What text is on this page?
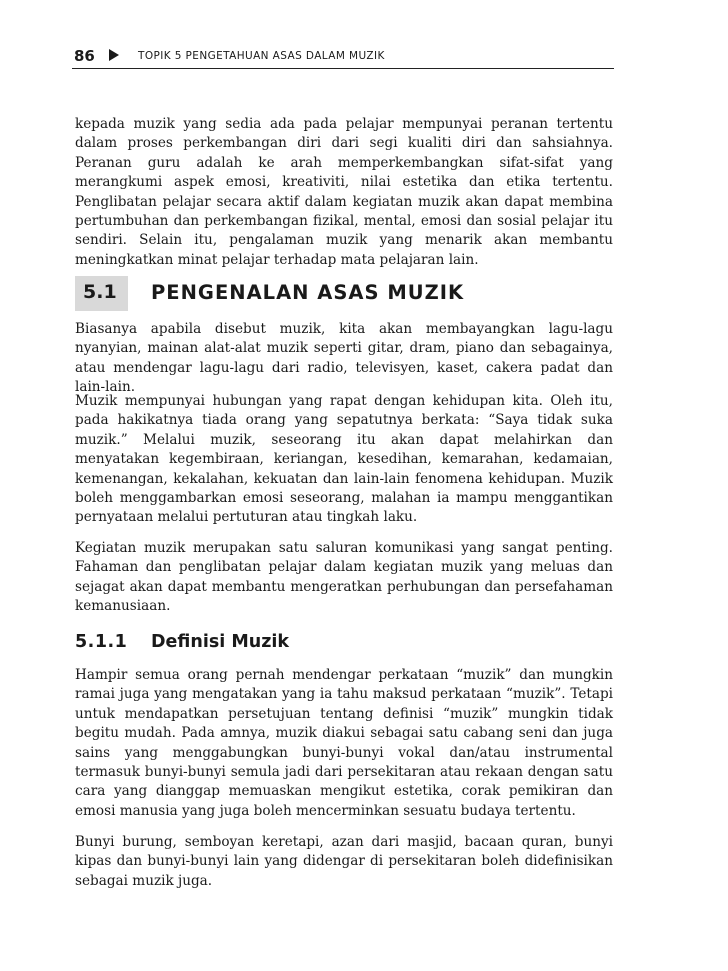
86	TOPIK 5 PENGETAHUAN ASAS DALAM MUZIK

kepada muzik yang sedia ada pada pelajar mempunyai peranan tertentu dalam proses perkembangan diri dari segi kualiti diri dan sahsiahnya. Peranan guru adalah ke arah memperkembangkan sifat-sifat yang merangkumi aspek emosi, kreativiti, nilai estetika dan etika tertentu. Penglibatan pelajar secara aktif dalam kegiatan muzik akan dapat membina pertumbuhan dan perkembangan fizikal, mental, emosi dan sosial pelajar itu sendiri. Selain itu, pengalaman muzik yang menarik akan membantu meningkatkan minat pelajar terhadap mata pelajaran lain.

5.1 PENGENALAN ASAS MUZIK

Biasanya apabila disebut muzik, kita akan membayangkan lagu-lagu nyanyian, mainan alat-alat muzik seperti gitar, dram, piano dan sebagainya, atau mendengar lagu-lagu dari radio, televisyen, kaset, cakera padat dan lain-lain.

Muzik mempunyai hubungan yang rapat dengan kehidupan kita. Oleh itu, pada hakikatnya tiada orang yang sepatutnya berkata: “Saya tidak suka muzik.” Melalui muzik, seseorang itu akan dapat melahirkan dan menyatakan kegembiraan, keriangan, kesedihan, kemarahan, kedamaian, kemenangan, kekalahan, kekuatan dan lain-lain fenomena kehidupan. Muzik boleh menggambarkan emosi seseorang, malahan ia mampu menggantikan pernyataan melalui pertuturan atau tingkah laku.

Kegiatan muzik merupakan satu saluran komunikasi yang sangat penting. Fahaman dan penglibatan pelajar dalam kegiatan muzik yang meluas dan sejagat akan dapat membantu mengeratkan perhubungan dan persefahaman kemanusiaan.

5.1.1 Definisi Muzik

Hampir semua orang pernah mendengar perkataan “muzik” dan mungkin ramai juga yang mengatakan yang ia tahu maksud perkataan “muzik”. Tetapi untuk mendapatkan persetujuan tentang definisi “muzik” mungkin tidak begitu mudah. Pada amnya, muzik diakui sebagai satu cabang seni dan juga sains yang menggabungkan bunyi-bunyi vokal dan/atau instrumental termasuk bunyi-bunyi semula jadi dari persekitaran atau rekaan dengan satu cara yang dianggap memuaskan mengikut estetika, corak pemikiran dan emosi manusia yang juga boleh mencerminkan sesuatu budaya tertentu.

Bunyi burung, semboyan keretapi, azan dari masjid, bacaan quran, bunyi kipas dan bunyi-bunyi lain yang didengar di persekitaran boleh didefinisikan sebagai muzik juga.
